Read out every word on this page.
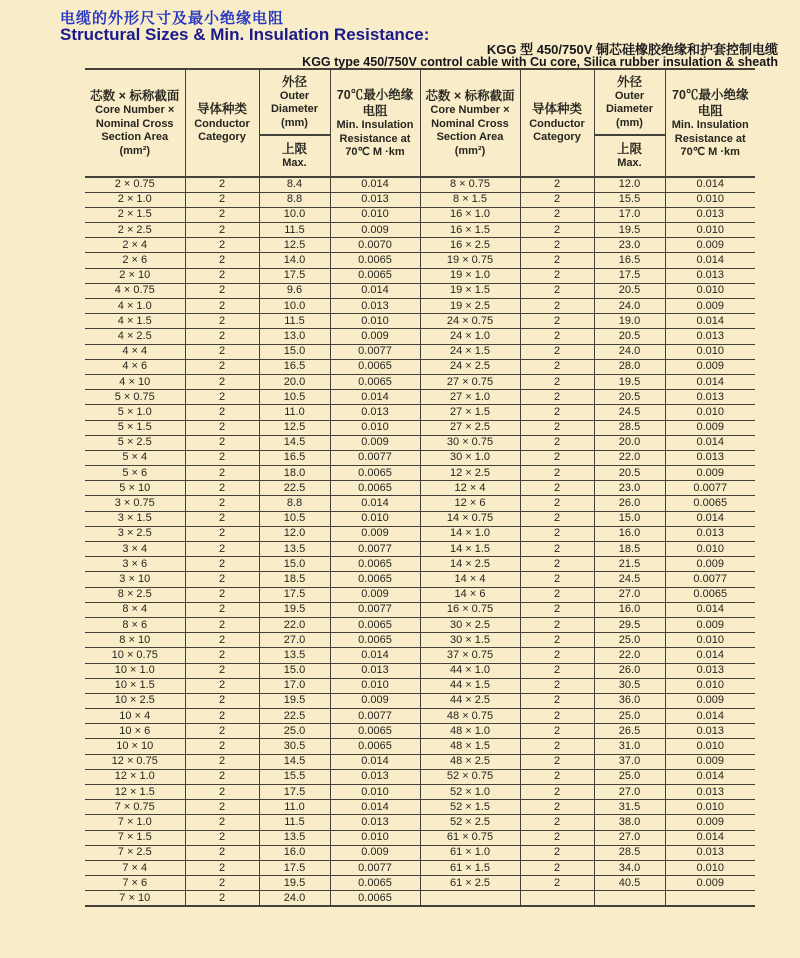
电缆的外形尺寸及最小绝缘电阻
Structural Sizes & Min. Insulation Resistance:
KGG 型 450/750V 铜芯硅橡胶绝缘和护套控制电缆
KGG type 450/750V control cable with Cu core, Silica rubber insulation & sheath
芯数 × 标称截面
Core Number × Nominal Cross Section Area (mm²)

导体种类
Conductor Category

外径
Outer Diameter
(mm)

70℃最小绝缘电阻
Min. Insulation Resistance at
70℃ M ·km

芯数 × 标称截面
Core Number × Nominal Cross Section Area (mm²)

导体种类
Conductor Category

外径
Outer Diameter
(mm)

70℃最小绝缘电阻
Min. Insulation Resistance at
70℃ M ·km

上限
Max.

上限
Max.

2 × 0.75	2	8.4	0.014	8 × 0.75	2	12.0	0.014
2 × 1.0	2	8.8	0.013	8 × 1.5	2	15.5	0.010
2 × 1.5	2	10.0	0.010	16 × 1.0	2	17.0	0.013
2 × 2.5	2	11.5	0.009	16 × 1.5	2	19.5	0.010
2 × 4	2	12.5	0.0070	16 × 2.5	2	23.0	0.009
2 × 6	2	14.0	0.0065	19 × 0.75	2	16.5	0.014
2 × 10	2	17.5	0.0065	19 × 1.0	2	17.5	0.013
4 × 0.75	2	9.6	0.014	19 × 1.5	2	20.5	0.010
4 × 1.0	2	10.0	0.013	19 × 2.5	2	24.0	0.009
4 × 1.5	2	11.5	0.010	24 × 0.75	2	19.0	0.014
4 × 2.5	2	13.0	0.009	24 × 1.0	2	20.5	0.013
4 × 4	2	15.0	0.0077	24 × 1.5	2	24.0	0.010
4 × 6	2	16.5	0.0065	24 × 2.5	2	28.0	0.009
4 × 10	2	20.0	0.0065	27 × 0.75	2	19.5	0.014
5 × 0.75	2	10.5	0.014	27 × 1.0	2	20.5	0.013
5 × 1.0	2	11.0	0.013	27 × 1.5	2	24.5	0.010
5 × 1.5	2	12.5	0.010	27 × 2.5	2	28.5	0.009
5 × 2.5	2	14.5	0.009	30 × 0.75	2	20.0	0.014
5 × 4	2	16.5	0.0077	30 × 1.0	2	22.0	0.013
5 × 6	2	18.0	0.0065	12 × 2.5	2	20.5	0.009
5 × 10	2	22.5	0.0065	12 × 4	2	23.0	0.0077
3 × 0.75	2	8.8	0.014	12 × 6	2	26.0	0.0065
3 × 1.5	2	10.5	0.010	14 × 0.75	2	15.0	0.014
3 × 2.5	2	12.0	0.009	14 × 1.0	2	16.0	0.013
3 × 4	2	13.5	0.0077	14 × 1.5	2	18.5	0.010
3 × 6	2	15.0	0.0065	14 × 2.5	2	21.5	0.009
3 × 10	2	18.5	0.0065	14 × 4	2	24.5	0.0077
8 × 2.5	2	17.5	0.009	14 × 6	2	27.0	0.0065
8 × 4	2	19.5	0.0077	16 × 0.75	2	16.0	0.014
8 × 6	2	22.0	0.0065	30 × 2.5	2	29.5	0.009
8 × 10	2	27.0	0.0065	30 × 1.5	2	25.0	0.010
10 × 0.75	2	13.5	0.014	37 × 0.75	2	22.0	0.014
10 × 1.0	2	15.0	0.013	44 × 1.0	2	26.0	0.013
10 × 1.5	2	17.0	0.010	44 × 1.5	2	30.5	0.010
10 × 2.5	2	19.5	0.009	44 × 2.5	2	36.0	0.009
10 × 4	2	22.5	0.0077	48 × 0.75	2	25.0	0.014
10 × 6	2	25.0	0.0065	48 × 1.0	2	26.5	0.013
10 × 10	2	30.5	0.0065	48 × 1.5	2	31.0	0.010
12 × 0.75	2	14.5	0.014	48 × 2.5	2	37.0	0.009
12 × 1.0	2	15.5	0.013	52 × 0.75	2	25.0	0.014
12 × 1.5	2	17.5	0.010	52 × 1.0	2	27.0	0.013
7 × 0.75	2	11.0	0.014	52 × 1.5	2	31.5	0.010
7 × 1.0	2	11.5	0.013	52 × 2.5	2	38.0	0.009
7 × 1.5	2	13.5	0.010	61 × 0.75	2	27.0	0.014
7 × 2.5	2	16.0	0.009	61 × 1.0	2	28.5	0.013
7 × 4	2	17.5	0.0077	61 × 1.5	2	34.0	0.010
7 × 6	2	19.5	0.0065	61 × 2.5	2	40.5	0.009
7 × 10	2	24.0	0.0065				
